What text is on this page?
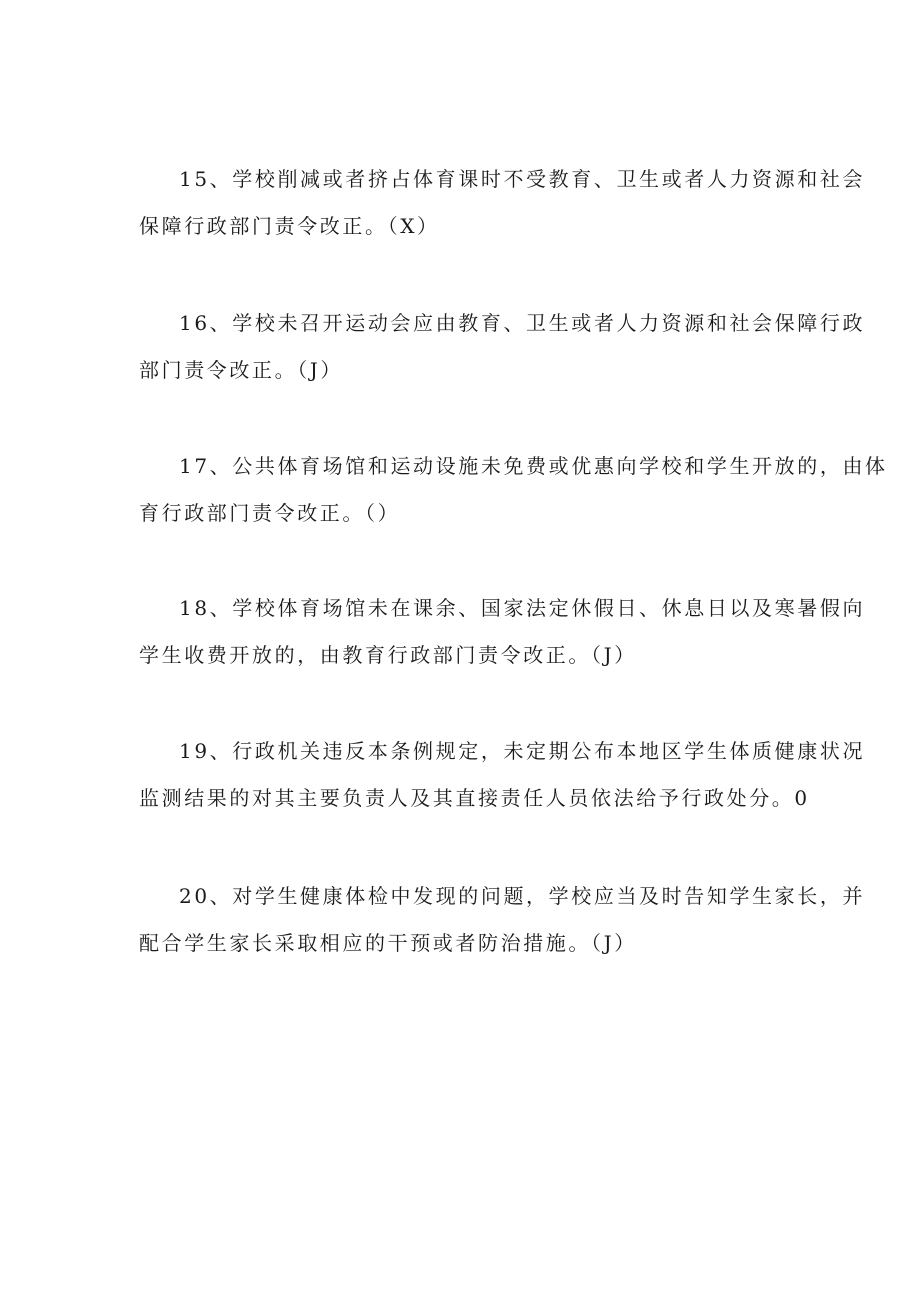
15、学校削减或者挤占体育课时不受教育、卫生或者人力资源和社会
保障行政部门责令改正。（X）

16、学校未召开运动会应由教育、卫生或者人力资源和社会保障行政
部门责令改正。（J）

17、公共体育场馆和运动设施未免费或优惠向学校和学生开放的，由体
育行政部门责令改正。（）

18、学校体育场馆未在课余、国家法定休假日、休息日以及寒暑假向
学生收费开放的，由教育行政部门责令改正。（J）

19、行政机关违反本条例规定，未定期公布本地区学生体质健康状况
监测结果的对其主要负责人及其直接责任人员依法给予行政处分。0

20、对学生健康体检中发现的问题，学校应当及时告知学生家长，并
配合学生家长采取相应的干预或者防治措施。（J）
